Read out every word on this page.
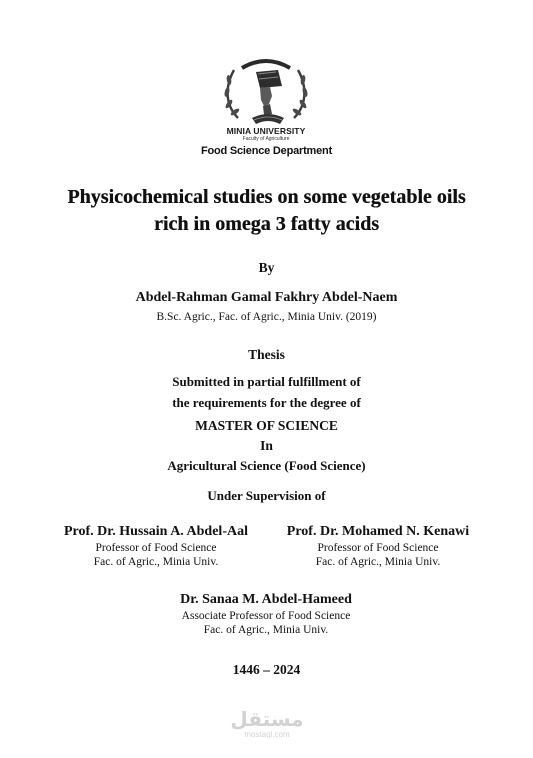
MINIA UNIVERSITY
Faculty of Agriculture
Food Science Department
Physicochemical studies on some vegetable oils
rich in omega 3 fatty acids
By
Abdel-Rahman Gamal Fakhry Abdel-Naem
B.Sc. Agric., Fac. of Agric., Minia Univ. (2019)
Thesis
Submitted in partial fulfillment of
the requirements for the degree of
MASTER OF SCIENCE
In
Agricultural Science (Food Science)
Under Supervision of
Prof. Dr. Hussain A. Abdel-Aal
Professor of Food Science
Fac. of Agric., Minia Univ.
Prof. Dr. Mohamed N. Kenawi
Professor of Food Science
Fac. of Agric., Minia Univ.
Dr. Sanaa M. Abdel-Hameed
Associate Professor of Food Science
Fac. of Agric., Minia Univ.
1446 – 2024
مستقل
mostaql.com
